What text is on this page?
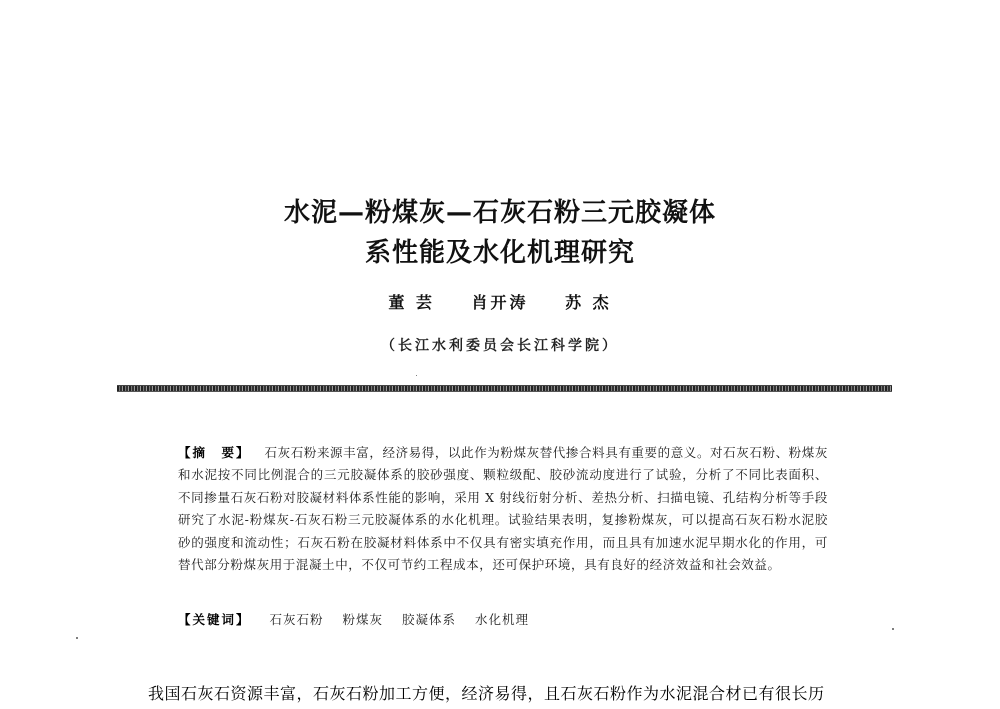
水泥—粉煤灰—石灰石粉三元胶凝体
系性能及水化机理研究
董 芸 肖开涛 苏 杰
（长江水利委员会长江科学院）
【摘　要】 石灰石粉来源丰富，经济易得，以此作为粉煤灰替代掺合料具有重要的意义。对石灰石粉、粉煤灰和水泥按不同比例混合的三元胶凝体系的胶砂强度、颗粒级配、胶砂流动度进行了试验，分析了不同比表面积、不同掺量石灰石粉对胶凝材料体系性能的影响，采用 X 射线衍射分析、差热分析、扫描电镜、孔结构分析等手段研究了水泥-粉煤灰-石灰石粉三元胶凝体系的水化机理。试验结果表明，复掺粉煤灰，可以提高石灰石粉水泥胶砂的强度和流动性；石灰石粉在胶凝材料体系中不仅具有密实填充作用，而且具有加速水泥早期水化的作用，可替代部分粉煤灰用于混凝土中，不仅可节约工程成本，还可保护环境，具有良好的经济效益和社会效益。
【关键词】 石灰石粉 粉煤灰 胶凝体系 水化机理
我国石灰石资源丰富，石灰石粉加工方便，经济易得，且石灰石粉作为水泥混合材已有很长历
